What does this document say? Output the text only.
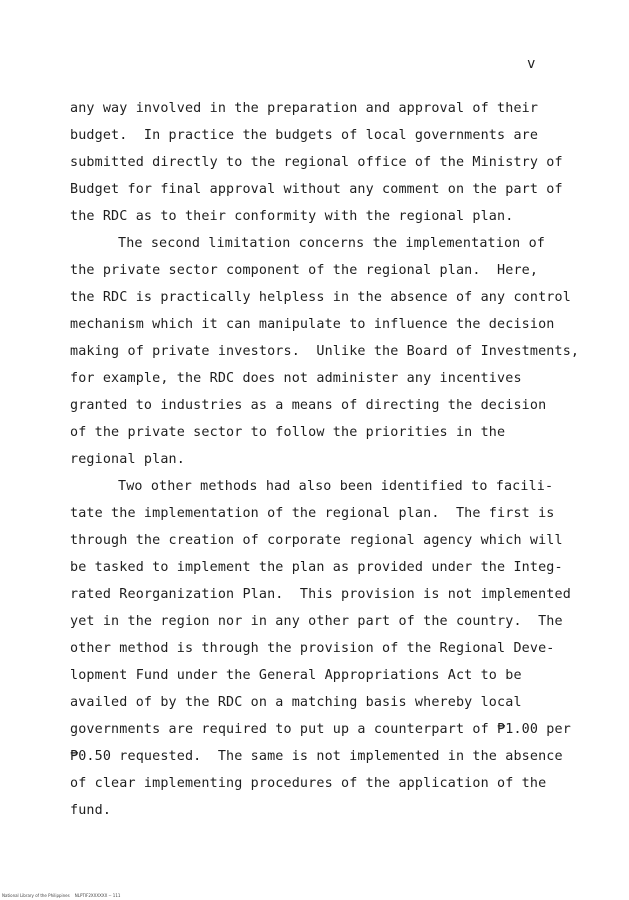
v
any way involved in the preparation and approval of their
budget.  In practice the budgets of local governments are
submitted directly to the regional office of the Ministry of
Budget for final approval without any comment on the part of
the RDC as to their conformity with the regional plan.
The second limitation concerns the implementation of
the private sector component of the regional plan.  Here,
the RDC is practically helpless in the absence of any control
mechanism which it can manipulate to influence the decision
making of private investors.  Unlike the Board of Investments,
for example, the RDC does not administer any incentives
granted to industries as a means of directing the decision
of the private sector to follow the priorities in the
regional plan.
Two other methods had also been identified to facili-
tate the implementation of the regional plan.  The first is
through the creation of corporate regional agency which will
be tasked to implement the plan as provided under the Integ-
rated Reorganization Plan.  This provision is not implemented
yet in the region nor in any other part of the country.  The
other method is through the provision of the Regional Deve-
lopment Fund under the General Appropriations Act to be
availed of by the RDC on a matching basis whereby local
governments are required to put up a counterpart of ₱1.00 per
₱0.50 requested.  The same is not implemented in the absence
of clear implementing procedures of the application of the
fund.
National Library of the Philippines    NLPTIF2XXXXXX -- 111
